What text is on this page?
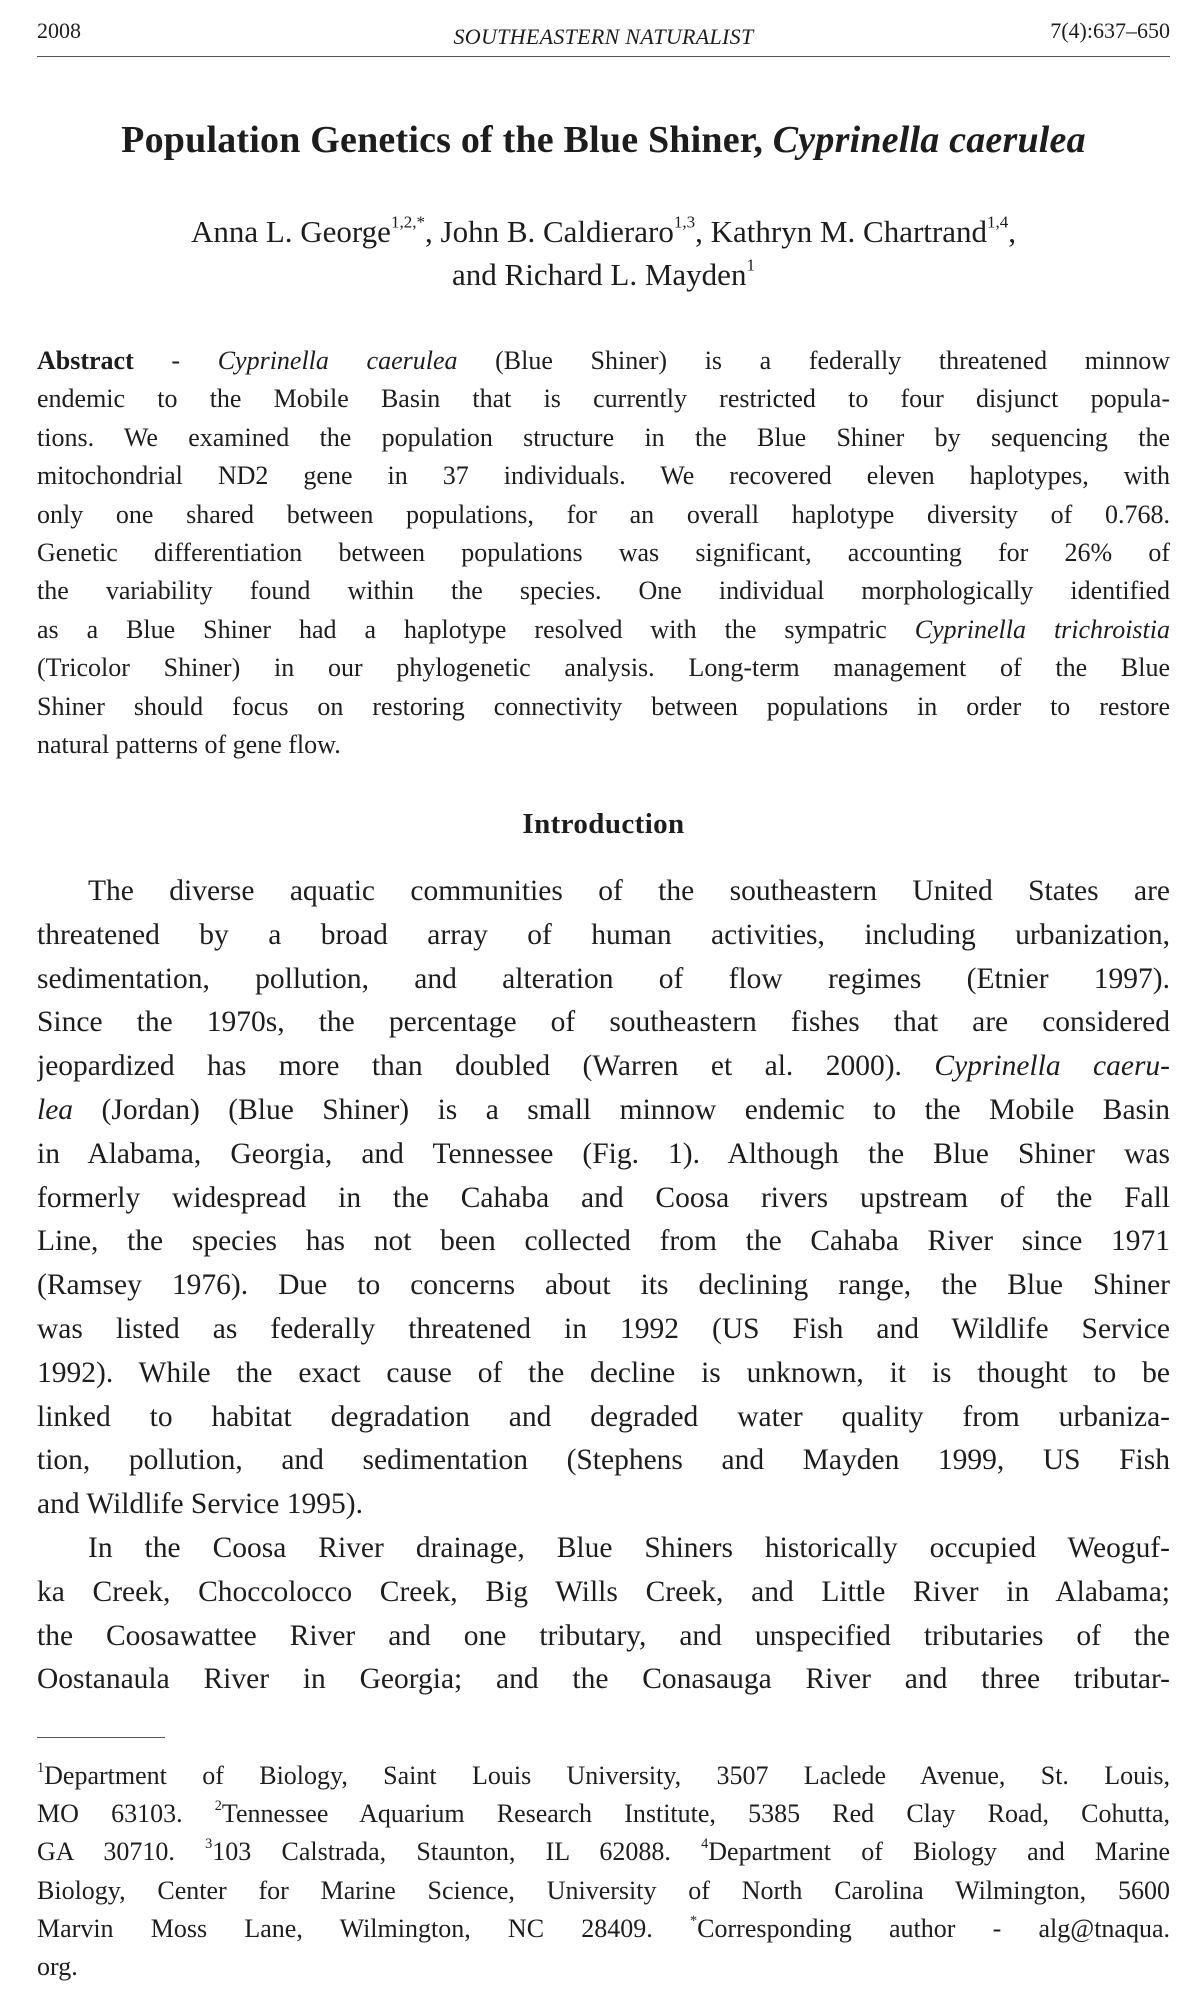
2008	SOUTHEASTERN NATURALIST	7(4):637–650
Population Genetics of the Blue Shiner, Cyprinella caerulea
Anna L. George$^{1,2,*}$, John B. Caldieraro$^{1,3}$, Kathryn M. Chartrand$^{1,4}$,
and Richard L. Mayden$^1$
Abstract - Cyprinella caerulea (Blue Shiner) is a federally threatened minnow
endemic to the Mobile Basin that is currently restricted to four disjunct popula-
tions. We examined the population structure in the Blue Shiner by sequencing the
mitochondrial ND2 gene in 37 individuals. We recovered eleven haplotypes, with
only one shared between populations, for an overall haplotype diversity of 0.768.
Genetic differentiation between populations was significant, accounting for 26% of
the variability found within the species. One individual morphologically identified
as a Blue Shiner had a haplotype resolved with the sympatric Cyprinella trichroistia
(Tricolor Shiner) in our phylogenetic analysis. Long-term management of the Blue
Shiner should focus on restoring connectivity between populations in order to restore
natural patterns of gene flow.
Introduction
The diverse aquatic communities of the southeastern United States are
threatened by a broad array of human activities, including urbanization,
sedimentation, pollution, and alteration of flow regimes (Etnier 1997).
Since the 1970s, the percentage of southeastern fishes that are considered
jeopardized has more than doubled (Warren et al. 2000). Cyprinella caeru-
lea (Jordan) (Blue Shiner) is a small minnow endemic to the Mobile Basin
in Alabama, Georgia, and Tennessee (Fig. 1). Although the Blue Shiner was
formerly widespread in the Cahaba and Coosa rivers upstream of the Fall
Line, the species has not been collected from the Cahaba River since 1971
(Ramsey 1976). Due to concerns about its declining range, the Blue Shiner
was listed as federally threatened in 1992 (US Fish and Wildlife Service
1992). While the exact cause of the decline is unknown, it is thought to be
linked to habitat degradation and degraded water quality from urbaniza-
tion, pollution, and sedimentation (Stephens and Mayden 1999, US Fish
and Wildlife Service 1995).
In the Coosa River drainage, Blue Shiners historically occupied Weoguf-
ka Creek, Choccolocco Creek, Big Wills Creek, and Little River in Alabama;
the Coosawattee River and one tributary, and unspecified tributaries of the
Oostanaula River in Georgia; and the Conasauga River and three tributar-
$^1$Department of Biology, Saint Louis University, 3507 Laclede Avenue, St. Louis,
MO 63103. $^2$Tennessee Aquarium Research Institute, 5385 Red Clay Road, Cohutta,
GA 30710. $^3$103 Calstrada, Staunton, IL 62088. $^4$Department of Biology and Marine
Biology, Center for Marine Science, University of North Carolina Wilmington, 5600
Marvin Moss Lane, Wilmington, NC 28409. *Corresponding author - alg@tnaqua.
org.
